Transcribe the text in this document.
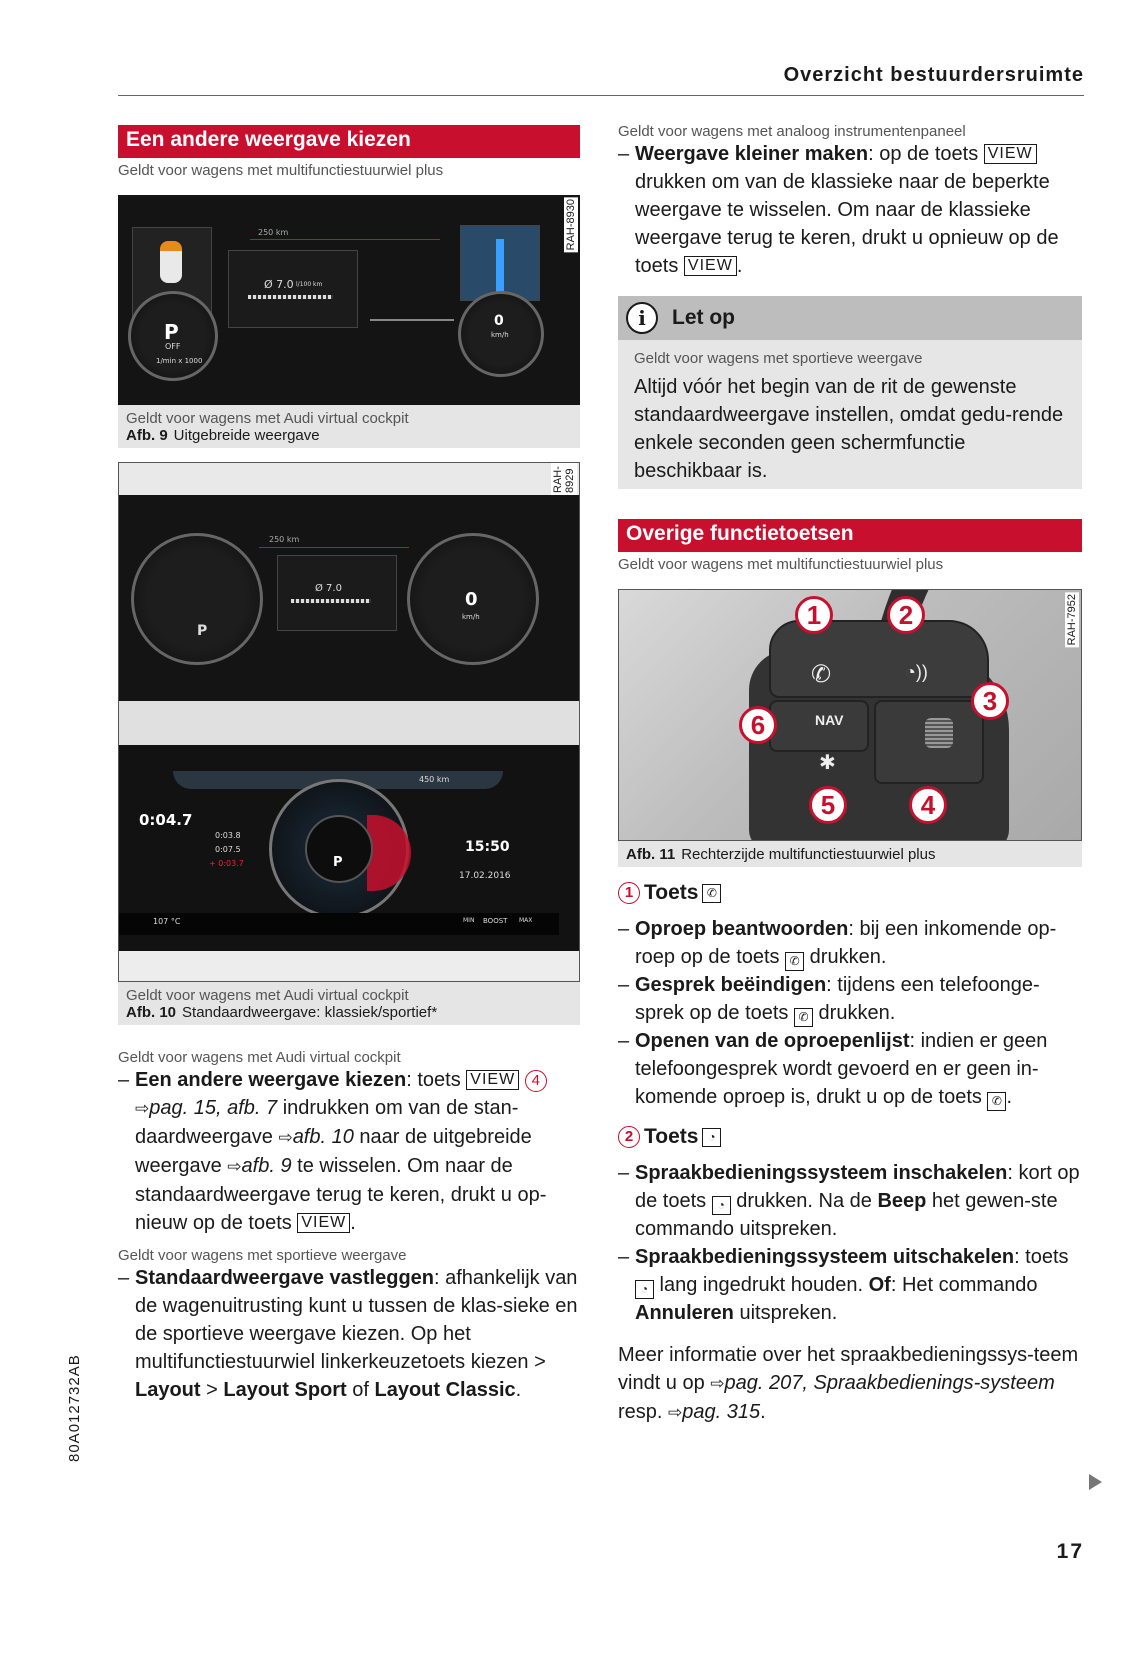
Overzicht bestuurdersruimte
Een andere weergave kiezen
Geldt voor wagens met multifunctiestuurwiel plus
P
OFF
1/min x 1000
250 km
Ø 7.0 l/100 km
0
km/h
RAH-8930
Geldt voor wagens met Audi virtual cockpit
Afb. 9 Uitgebreide weergave
RAH-8929
P
250 km
Ø 7.0
0
km/h
450 km
0:04.7
0:03.8
0:07.5
+ 0:03.7	P
15:50
17.02.2016
107 °C	MIN BOOST MAX
Geldt voor wagens met Audi virtual cockpit
Afb. 10 Standaardweergave: klassiek/sportief*
Geldt voor wagens met Audi virtual cockpit
– Een andere weergave kiezen: toets VIEW 4
⇨pag. 15, afb. 7 indrukken om van de stan-daardweergave ⇨afb. 10 naar de uitgebreide weergave ⇨afb. 9 te wisselen. Om naar de standaardweergave terug te keren, drukt u op-nieuw op de toets VIEW .
Geldt voor wagens met sportieve weergave
– Standaardweergave vastleggen: afhankelijk van de wagenuitrusting kunt u tussen de klas-sieke en de sportieve weergave kiezen. Op het multifunctiestuurwiel linkerkeuzetoets kiezen > Layout > Layout Sport of Layout Classic.
Geldt voor wagens met analoog instrumentenpaneel
– Weergave kleiner maken: op de toets VIEW drukken om van de klassieke naar de beperkte weergave te wisselen. Om naar de klassieke weergave terug te keren, drukt u opnieuw op de toets VIEW .
i	Let op
Geldt voor wagens met sportieve weergave
Altijd vóór het begin van de rit de gewenste standaardweergave instellen, omdat gedu-rende enkele seconden geen schermfunctie beschikbaar is.
Overige functietoetsen
Geldt voor wagens met multifunctiestuurwiel plus
✆	◔))
NAV
✱
1	2
3
4
5
6
RAH-7952
Afb. 11 Rechterzijde multifunctiestuurwiel plus
1 Toets ✆
– Oproep beantwoorden: bij een inkomende op-roep op de toets ✆ drukken.
– Gesprek beëindigen: tijdens een telefoonge-sprek op de toets ✆ drukken.
– Openen van de oproepenlijst: indien er geen telefoongesprek wordt gevoerd en er geen in-komende oproep is, drukt u op de toets ✆ .
2 Toets ◔
– Spraakbedieningssysteem inschakelen: kort op de toets ◔ drukken. Na de Beep het gewen-ste commando uitspreken.
– Spraakbedieningssysteem uitschakelen: toets
◔ lang ingedrukt houden. Of: Het commando Annuleren uitspreken.
Meer informatie over het spraakbedieningssys-teem vindt u op ⇨pag. 207, Spraakbedienings-systeem resp. ⇨pag. 315.
80A012732AB
17
